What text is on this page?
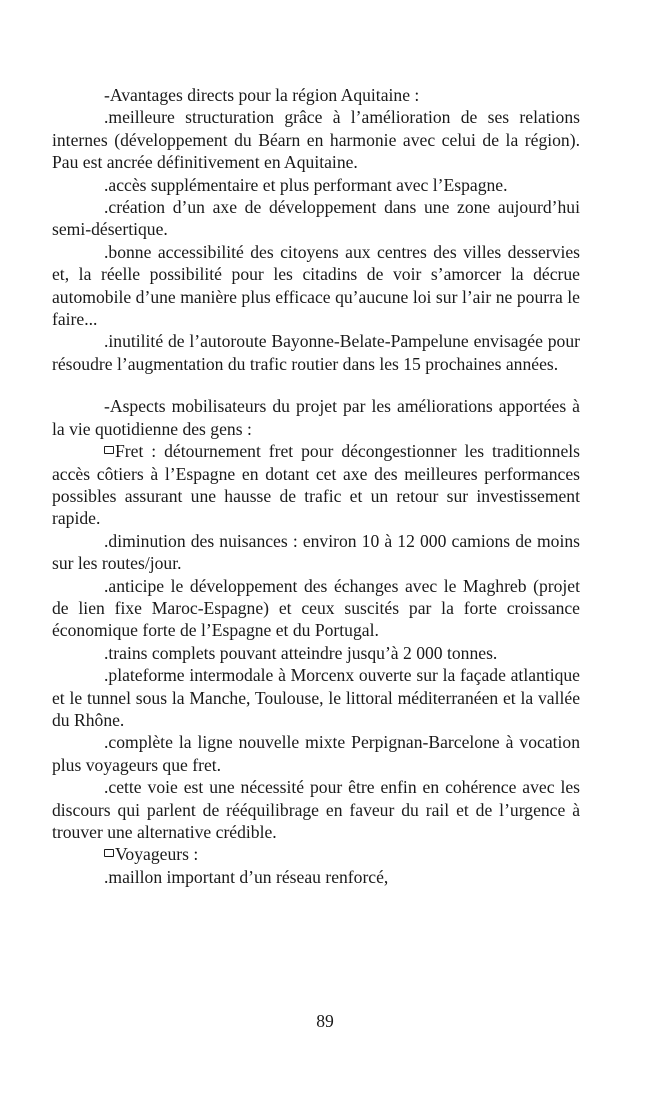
-Avantages directs pour la région Aquitaine :

.meilleure structuration grâce à l’amélioration de ses relations internes (développement du Béarn en harmonie avec celui de la région). Pau est ancrée définitivement en Aquitaine.

.accès supplémentaire et plus performant avec l’Espagne.

.création d’un axe de développement dans une zone aujourd’hui semi-désertique.

.bonne accessibilité des citoyens aux centres des villes desservies et, la réelle possibilité pour les citadins de voir s’amorcer la décrue automobile d’une manière plus efficace qu’aucune loi sur l’air ne pourra le faire...

.inutilité de l’autoroute Bayonne-Belate-Pampelune envisagée pour résoudre l’augmentation du trafic routier dans les 15 prochaines années.

-Aspects mobilisateurs du projet par les améliorations apportées à la vie quotidienne des gens :

Fret : détournement fret pour décongestionner les traditionnels accès côtiers à l’Espagne en dotant cet axe des meilleures performances possibles assurant une hausse de trafic et un retour sur investissement rapide.

.diminution des nuisances : environ 10 à 12 000 camions de moins sur les routes/jour.

.anticipe le développement des échanges avec le Maghreb (projet de lien fixe Maroc-Espagne) et ceux suscités par la forte croissance économique forte de l’Espagne et du Portugal.

.trains complets pouvant atteindre jusqu’à 2 000 tonnes.

.plateforme intermodale à Morcenx ouverte sur la façade atlantique et le tunnel sous la Manche, Toulouse, le littoral méditerranéen et la vallée du Rhône.

.complète la ligne nouvelle mixte Perpignan-Barcelone à vocation plus voyageurs que fret.

.cette voie est une nécessité pour être enfin en cohérence avec les discours qui parlent de rééquilibrage en faveur du rail et de l’urgence à trouver une alternative crédible.

Voyageurs :

.maillon important d’un réseau renforcé,

89
